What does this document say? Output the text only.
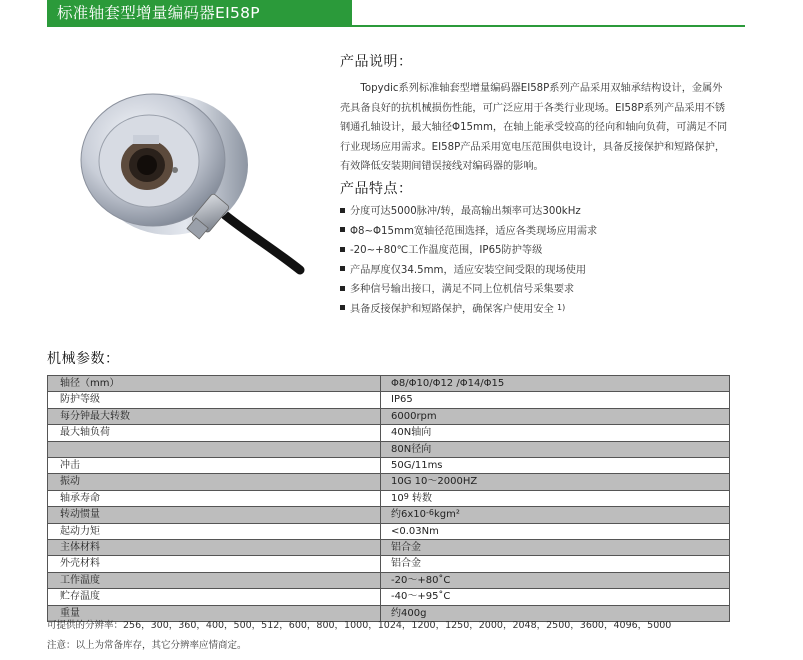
标准轴套型增量编码器EI58P
产品说明：

Topydic系列标准轴套型增量编码器EI58P系列产品采用双轴承结构设计，金属外壳具备良好的抗机械损伤性能，可广泛应用于各类行业现场。EI58P系列产品采用不锈钢通孔轴设计，最大轴径Φ15mm，在轴上能承受较高的径向和轴向负荷，可满足不同行业现场应用需求。EI58P产品采用宽电压范围供电设计，具备反接保护和短路保护，有效降低安装期间错误接线对编码器的影响。

产品特点：
分度可达5000脉冲/转，最高输出频率可达300kHz
Φ8~Φ15mm宽轴径范围选择，适应各类现场应用需求
-20~+80℃工作温度范围，IP65防护等级
产品厚度仅34.5mm，适应安装空间受限的现场使用
多种信号输出接口，满足不同上位机信号采集要求
具备反接保护和短路保护，确保客户使用安全 $^{1)}$
机械参数：
轴径（mm）	Φ8/Φ10/Φ12 /Φ14/Φ15
防护等级	IP65
每分钟最大转数	6000rpm
最大轴负荷	40N轴向
	80N径向
冲击	50G/11ms
振动	10G 10～2000HZ
轴承寿命	$10^9$ 转数
转动惯量	约$6x10^{-6}kgm^2$
起动力矩	<0.03Nm
主体材料	铝合金
外壳材料	铝合金
工作温度	-20～+80˚C
贮存温度	-40～+95˚C
重量	约400g
可提供的分辨率：256，300，360，400，500，512，600，800，1000，1024，1200，1250，2000，2048，2500，3600，4096，5000
注意：以上为常备库存，其它分辨率应情商定。
